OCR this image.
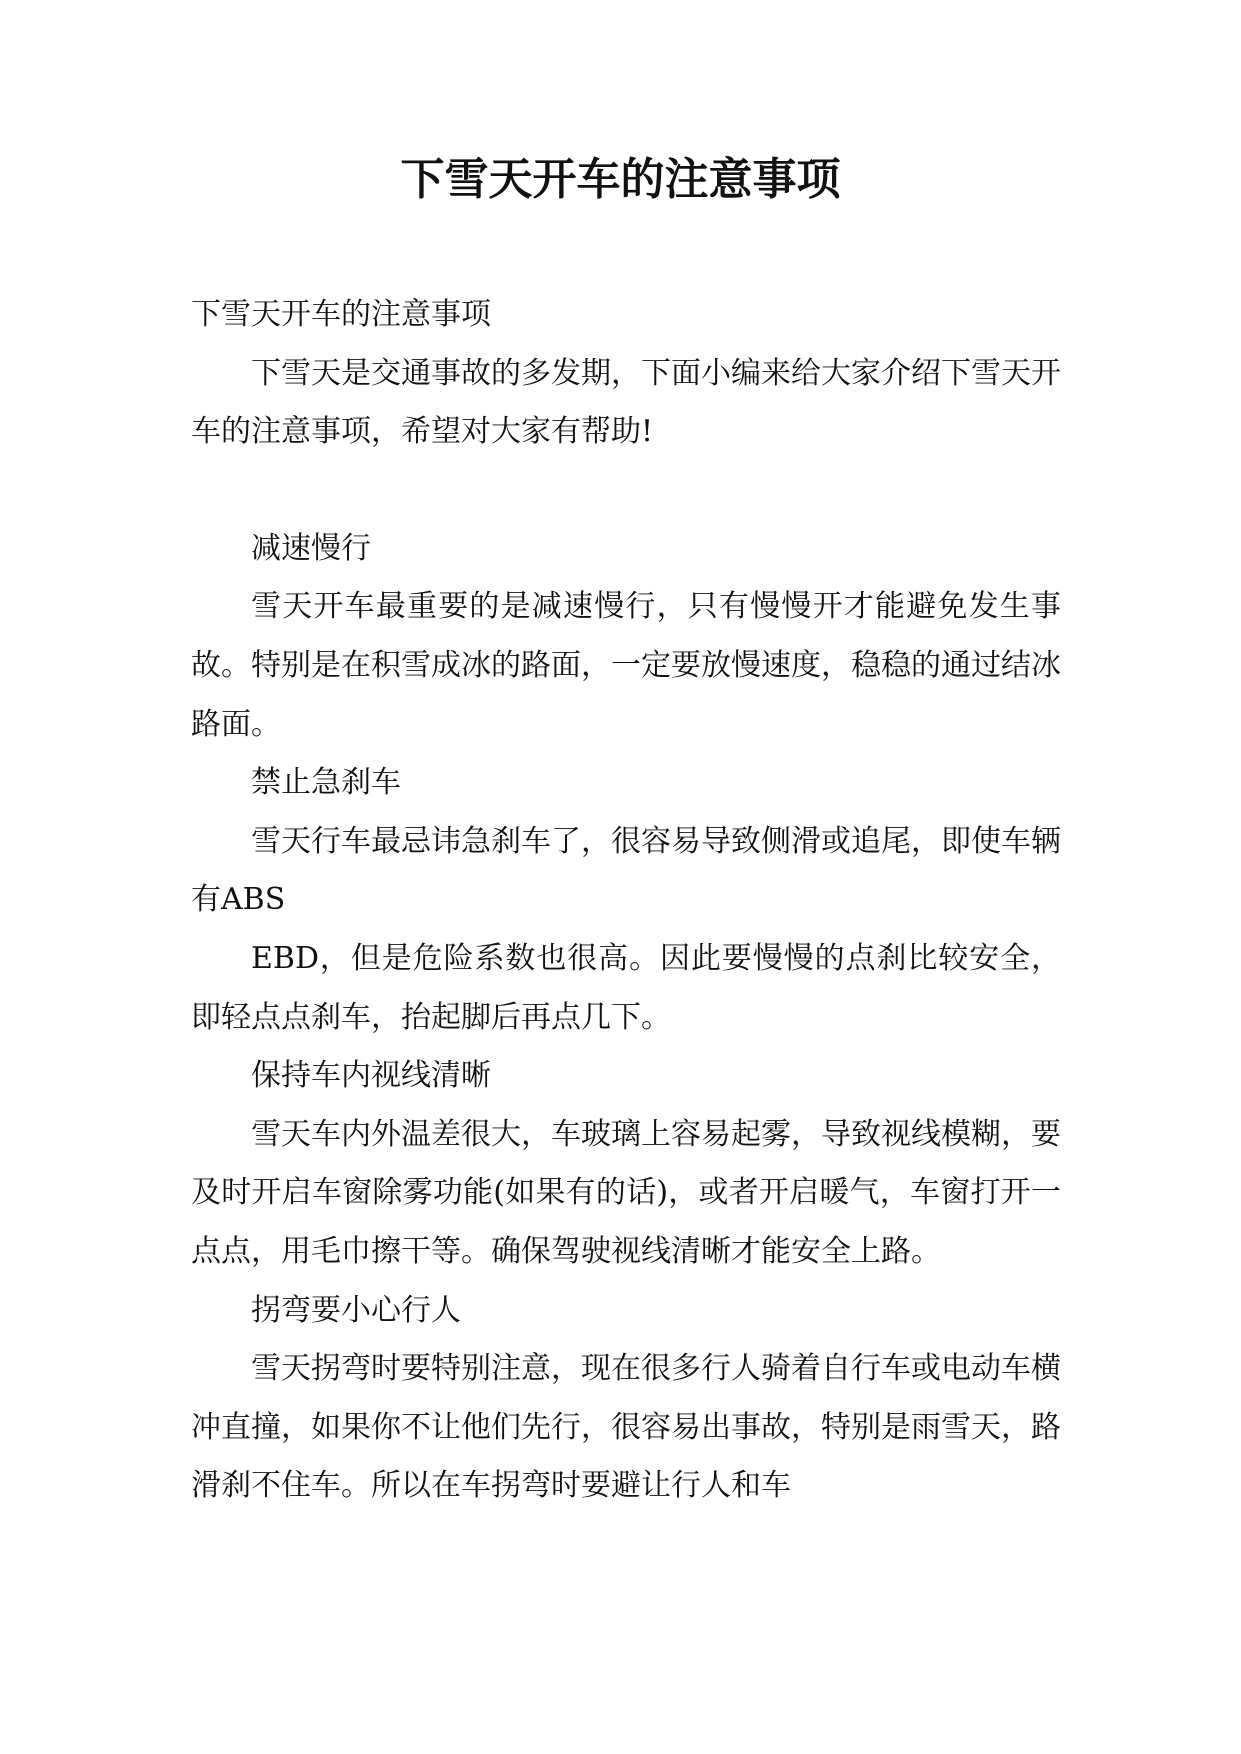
下雪天开车的注意事项

下雪天开车的注意事项

下雪天是交通事故的多发期，下面小编来给大家介绍下雪天开车的注意事项，希望对大家有帮助!

减速慢行

雪天开车最重要的是减速慢行，只有慢慢开才能避免发生事故。特别是在积雪成冰的路面，一定要放慢速度，稳稳的通过结冰路面。

禁止急刹车

雪天行车最忌讳急刹车了，很容易导致侧滑或追尾，即使车辆有ABS

EBD，但是危险系数也很高。因此要慢慢的点刹比较安全，即轻点点刹车，抬起脚后再点几下。

保持车内视线清晰

雪天车内外温差很大，车玻璃上容易起雾，导致视线模糊，要及时开启车窗除雾功能(如果有的话)，或者开启暖气，车窗打开一点点，用毛巾擦干等。确保驾驶视线清晰才能安全上路。

拐弯要小心行人

雪天拐弯时要特别注意，现在很多行人骑着自行车或电动车横冲直撞，如果你不让他们先行，很容易出事故，特别是雨雪天，路滑刹不住车。所以在车拐弯时要避让行人和车
